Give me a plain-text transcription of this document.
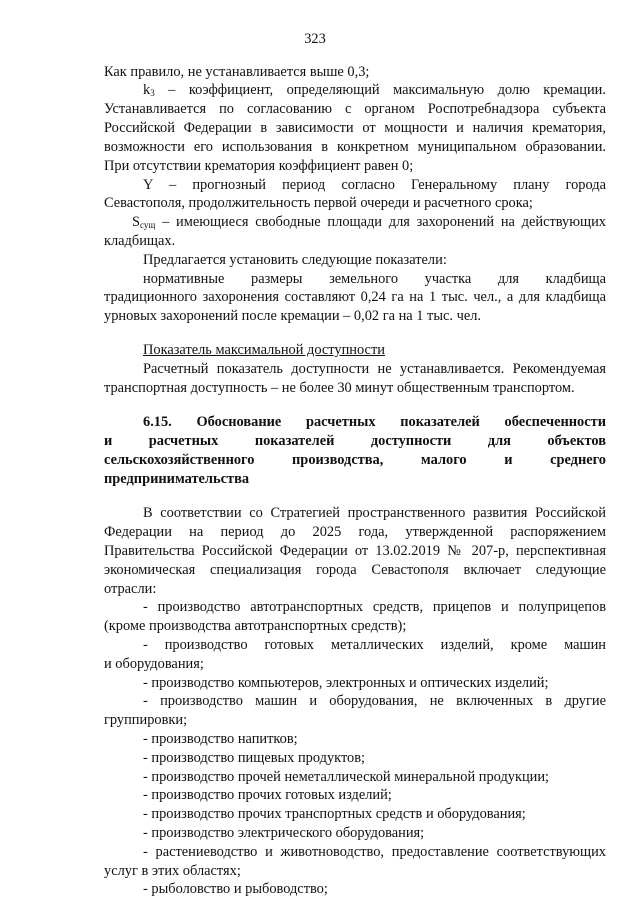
323
Как правило, не устанавливается выше 0,3;
$k_3$ – коэффициент, определяющий максимальную долю кремации.
Устанавливается по согласованию с органом Роспотребнадзора субъекта
Российской Федерации в зависимости от мощности и наличия крематория,
возможности его использования в конкретном муниципальном образовании.
При отсутствии крематория коэффициент равен 0;
Y – прогнозный период согласно Генеральному плану города
Севастополя, продолжительность первой очереди и расчетного срока;
$S_{сущ}$ – имеющиеся свободные площади для захоронений на действующих
кладбищах.
Предлагается установить следующие показатели:
нормативные размеры земельного участка для кладбища
традиционного захоронения составляют 0,24 га на 1 тыс. чел., а для кладбища
урновых захоронений после кремации – 0,02 га на 1 тыс. чел.
Показатель максимальной доступности
Расчетный показатель доступности не устанавливается. Рекомендуемая
транспортная доступность – не более 30 минут общественным транспортом.
6.15. Обоснование расчетных показателей обеспеченности
и расчетных показателей доступности для объектов
сельскохозяйственного производства, малого и среднего
предпринимательства
В соответствии со Стратегией пространственного развития Российской
Федерации на период до 2025 года, утвержденной распоряжением
Правительства Российской Федерации от 13.02.2019 № 207-р, перспективная
экономическая специализация города Севастополя включает следующие
отрасли:
- производство автотранспортных средств, прицепов и полуприцепов
(кроме производства автотранспортных средств);
- производство готовых металлических изделий, кроме машин
и оборудования;
- производство компьютеров, электронных и оптических изделий;
- производство машин и оборудования, не включенных в другие
группировки;
- производство напитков;
- производство пищевых продуктов;
- производство прочей неметаллической минеральной продукции;
- производство прочих готовых изделий;
- производство прочих транспортных средств и оборудования;
- производство электрического оборудования;
- растениеводство и животноводство, предоставление соответствующих
услуг в этих областях;
- рыболовство и рыбоводство;
